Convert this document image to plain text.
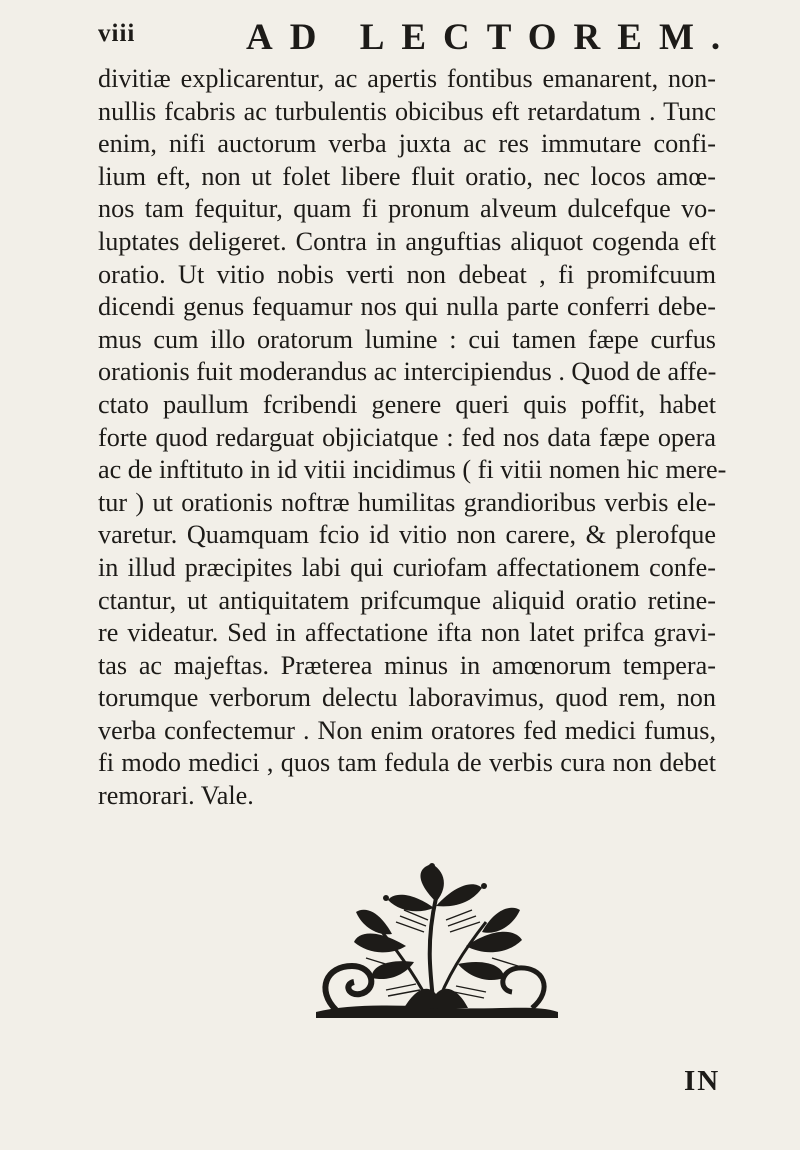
viii	AD LECTOREM.
divitiæ explicarentur, ac apertis fontibus emanarent, non-
nullis fcabris ac turbulentis obicibus eft retardatum . Tunc
enim, nifi auctorum verba juxta ac res immutare confi-
lium eft, non ut folet libere fluit oratio, nec locos amœ-
nos tam fequitur, quam fi pronum alveum dulcefque vo-
luptates deligeret. Contra in anguftias aliquot cogenda eft
oratio. Ut vitio nobis verti non debeat , fi promifcuum
dicendi genus fequamur nos qui nulla parte conferri debe-
mus cum illo oratorum lumine : cui tamen fæpe curfus
orationis fuit moderandus ac intercipiendus . Quod de affe-
ctato paullum fcribendi genere queri quis poffit, habet
forte quod redarguat objiciatque : fed nos data fæpe opera
ac de inftituto in id vitii incidimus ( fi vitii nomen hic mere-
tur ) ut orationis noftræ humilitas grandioribus verbis ele-
varetur. Quamquam fcio id vitio non carere, & plerofque
in illud præcipites labi qui curiofam affectationem confe-
ctantur, ut antiquitatem prifcumque aliquid oratio retine-
re videatur. Sed in affectatione ifta non latet prifca gravi-
tas ac majeftas. Præterea minus in amœnorum tempera-
torumque verborum delectu laboravimus, quod rem, non
verba confectemur . Non enim oratores fed medici fumus,
fi modo medici , quos tam fedula de verbis cura non debet
remorari. Vale.
IN
